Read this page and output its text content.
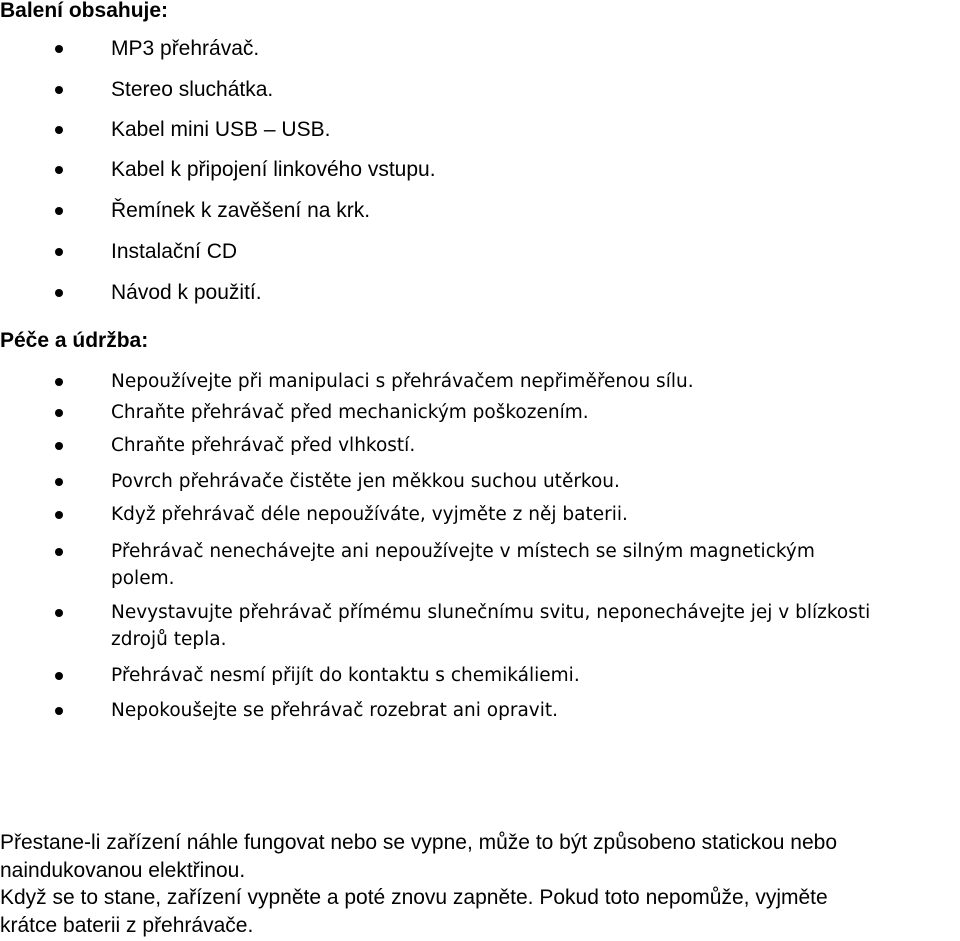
Balení obsahuje:
MP3 přehrávač.
Stereo sluchátka.
Kabel mini USB – USB.
Kabel k připojení linkového vstupu.
Řemínek k zavěšení na krk.
Instalační CD
Návod k použití.
Péče a údržba:
Nepoužívejte při manipulaci s přehrávačem nepřiměřenou sílu.
Chraňte přehrávač před mechanickým poškozením.
Chraňte přehrávač před vlhkostí.
Povrch přehrávače čistěte jen měkkou suchou utěrkou.
Když přehrávač déle nepoužíváte, vyjměte z něj baterii.
Přehrávač nenechávejte ani nepoužívejte v místech se silným magnetickým
polem.
Nevystavujte přehrávač přímému slunečnímu svitu, neponechávejte jej v blízkosti
zdrojů tepla.
Přehrávač nesmí přijít do kontaktu s chemikáliemi.
Nepokoušejte se přehrávač rozebrat ani opravit.
Přestane-li zařízení náhle fungovat nebo se vypne, může to být způsobeno statickou nebo
naindukovanou elektřinou.
Když se to stane, zařízení vypněte a poté znovu zapněte. Pokud toto nepomůže, vyjměte
krátce baterii z přehrávače.
